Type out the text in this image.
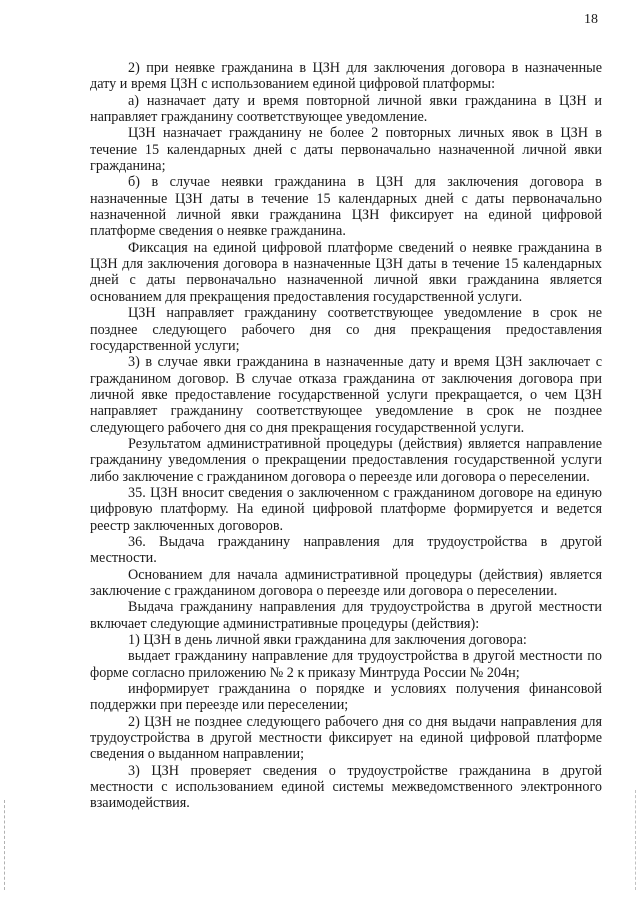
18

2) при неявке гражданина в ЦЗН для заключения договора в назначенные дату и время ЦЗН с использованием единой цифровой платформы:

а) назначает дату и время повторной личной явки гражданина в ЦЗН и направляет гражданину соответствующее уведомление.

ЦЗН назначает гражданину не более 2 повторных личных явок в ЦЗН в течение 15 календарных дней с даты первоначально назначенной личной явки гражданина;

б) в случае неявки гражданина в ЦЗН для заключения договора в назначенные ЦЗН даты в течение 15 календарных дней с даты первоначально назначенной личной явки гражданина ЦЗН фиксирует на единой цифровой платформе сведения о неявке гражданина.

Фиксация на единой цифровой платформе сведений о неявке гражданина в ЦЗН для заключения договора в назначенные ЦЗН даты в течение 15 календарных дней с даты первоначально назначенной личной явки гражданина является основанием для прекращения предоставления государственной услуги.

ЦЗН направляет гражданину соответствующее уведомление в срок не позднее следующего рабочего дня со дня прекращения предоставления государственной услуги;

3) в случае явки гражданина в назначенные дату и время ЦЗН заключает с гражданином договор. В случае отказа гражданина от заключения договора при личной явке предоставление государственной услуги прекращается, о чем ЦЗН направляет гражданину соответствующее уведомление в срок не позднее следующего рабочего дня со дня прекращения государственной услуги.

Результатом административной процедуры (действия) является направление гражданину уведомления о прекращении предоставления государственной услуги либо заключение с гражданином договора о переезде или договора о переселении.

35. ЦЗН вносит сведения о заключенном с гражданином договоре на единую цифровую платформу. На единой цифровой платформе формируется и ведется реестр заключенных договоров.

36. Выдача гражданину направления для трудоустройства в другой местности.

Основанием для начала административной процедуры (действия) является заключение с гражданином договора о переезде или договора о переселении.

Выдача гражданину направления для трудоустройства в другой местности включает следующие административные процедуры (действия):

1) ЦЗН в день личной явки гражданина для заключения договора:

выдает гражданину направление для трудоустройства в другой местности по форме согласно приложению № 2 к приказу Минтруда России № 204н;

информирует гражданина о порядке и условиях получения финансовой поддержки при переезде или переселении;

2) ЦЗН не позднее следующего рабочего дня со дня выдачи направления для трудоустройства в другой местности фиксирует на единой цифровой платформе сведения о выданном направлении;

3) ЦЗН проверяет сведения о трудоустройстве гражданина в другой местности с использованием единой системы межведомственного электронного взаимодействия.
